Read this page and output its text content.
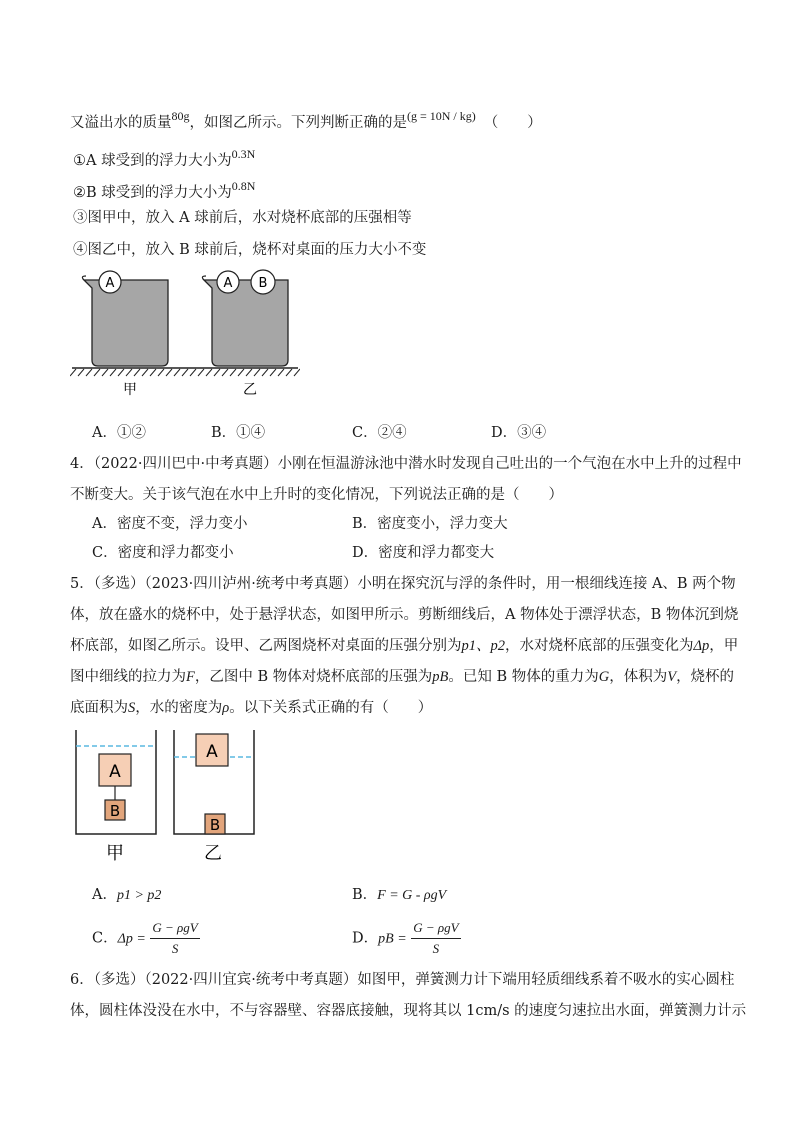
又溢出水的质量$^{80g}$，如图乙所示。下列判断正确的是$^{(g = 10N / kg)}$ （　　）
①A 球受到的浮力大小为$^{0.3N}$
②B 球受到的浮力大小为$^{0.8N}$
③图甲中，放入 A 球前后，水对烧杯底部的压强相等
④图乙中，放入 B 球前后，烧杯对桌面的压力大小不变
A	A B
甲	乙
A．①②	B．①④	C．②④	D．③④
4．（2022·四川巴中·中考真题）小刚在恒温游泳池中潜水时发现自己吐出的一个气泡在水中上升的过程中
不断变大。关于该气泡在水中上升时的变化情况，下列说法正确的是（　　）
A．密度不变，浮力变小	B．密度变小，浮力变大
C．密度和浮力都变小	D．密度和浮力都变大
5．（多选）（2023·四川泸州·统考中考真题）小明在探究沉与浮的条件时，用一根细线连接 A、B 两个物
体，放在盛水的烧杯中，处于悬浮状态，如图甲所示。剪断细线后，A 物体处于漂浮状态，B 物体沉到烧
杯底部，如图乙所示。设甲、乙两图烧杯对桌面的压强分别为p1、p2，水对烧杯底部的压强变化为Δp，甲
图中细线的拉力为F，乙图中 B 物体对烧杯底部的压强为pB。已知 B 物体的重力为G，体积为V，烧杯的
底面积为S，水的密度为ρ。以下关系式正确的有（　　）
A
B
A
B
甲	乙
A．p1 > p2	B．F = G - ρgV
C．$\Delta p = \frac{\text{G − ρgV}}{S}$	D．pB = $\frac{\text{G − ρgV}}{S}$
6．（多选）（2022·四川宜宾·统考中考真题）如图甲，弹簧测力计下端用轻质细线系着不吸水的实心圆柱
体，圆柱体没没在水中，不与容器壁、容器底接触，现将其以 1cm/s 的速度匀速拉出水面，弹簧测力计示
